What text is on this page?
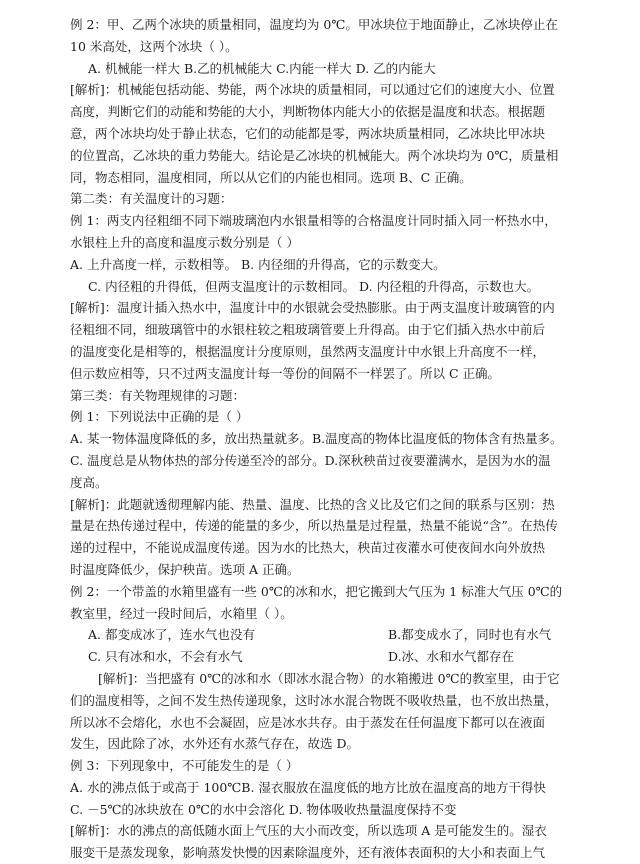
例 2：甲、乙两个冰块的质量相同，温度均为 0℃。甲冰块位于地面静止，乙冰块停止在
10 米高处，这两个冰块（ ）。
A. 机械能一样大 B.乙的机械能大 C.内能一样大 D. 乙的内能大
[解析]：机械能包括动能、势能，两个冰块的质量相同，可以通过它们的速度大小、位置
高度，判断它们的动能和势能的大小，判断物体内能大小的依据是温度和状态。根据题
意，两个冰块均处于静止状态，它们的动能都是零，两冰块质量相同，乙冰块比甲冰块
的位置高，乙冰块的重力势能大。结论是乙冰块的机械能大。两个冰块均为 0℃，质量相
同，物态相同，温度相同，所以从它们的内能也相同。选项 B、C 正确。
第二类：有关温度计的习题：
例 1：两支内径粗细不同下端玻璃泡内水银量相等的合格温度计同时插入同一杯热水中，
水银柱上升的高度和温度示数分别是（ ）
A. 上升高度一样，示数相等。 B. 内径细的升得高，它的示数变大。
C. 内径粗的升得低，但两支温度计的示数相同。 D. 内径粗的升得高，示数也大。
[解析]：温度计插入热水中，温度计中的水银就会受热膨胀。由于两支温度计玻璃管的内
径粗细不同，细玻璃管中的水银柱较之粗玻璃管要上升得高。由于它们插入热水中前后
的温度变化是相等的，根据温度计分度原则，虽然两支温度计中水银上升高度不一样，
但示数应相等，只不过两支温度计每一等份的间隔不一样罢了。所以 C 正确。
第三类：有关物理规律的习题：
例 1：下列说法中正确的是（ ）
A. 某一物体温度降低的多，放出热量就多。B.温度高的物体比温度低的物体含有热量多。
C. 温度总是从物体热的部分传递至冷的部分。D.深秋秧苗过夜要灌满水，是因为水的温
度高。
[解析]：此题就透彻理解内能、热量、温度、比热的含义比及它们之间的联系与区别：热
量是在热传递过程中，传递的能量的多少，所以热量是过程量，热量不能说“含”。在热传
递的过程中，不能说成温度传递。因为水的比热大，秧苗过夜灌水可使夜间水向外放热
时温度降低少，保护秧苗。选项 A 正确。
例 2：一个带盖的水箱里盛有一些 0℃的冰和水，把它搬到大气压为 1 标准大气压 0℃的
教室里，经过一段时间后，水箱里（ ）。
A. 都变成冰了，连水气也没有	B.都变成水了，同时也有水气
C. 只有冰和水，不会有水气	D.冰、水和水气都存在
[解析]：当把盛有 0℃的冰和水（即冰水混合物）的水箱搬进 0℃的教室里，由于它
们的温度相等，之间不发生热传递现象，这时冰水混合物既不吸收热量，也不放出热量，
所以冰不会熔化，水也不会凝固，应是冰水共存。由于蒸发在任何温度下都可以在液面
发生，因此除了冰，水外还有水蒸气存在，故选 D。
例 3：下列现象中，不可能发生的是（ ）
A. 水的沸点低于或高于 100℃B. 湿衣服放在温度低的地方比放在温度高的地方干得快
C. －5℃的冰块放在 0℃的水中会溶化 D. 物体吸收热量温度保持不变
[解析]：水的沸点的高低随水面上气压的大小而改变，所以选项 A 是可能发生的。湿衣
服变干是蒸发现象，影响蒸发快慢的因素除温度外，还有液体表面积的大小和表面上气
